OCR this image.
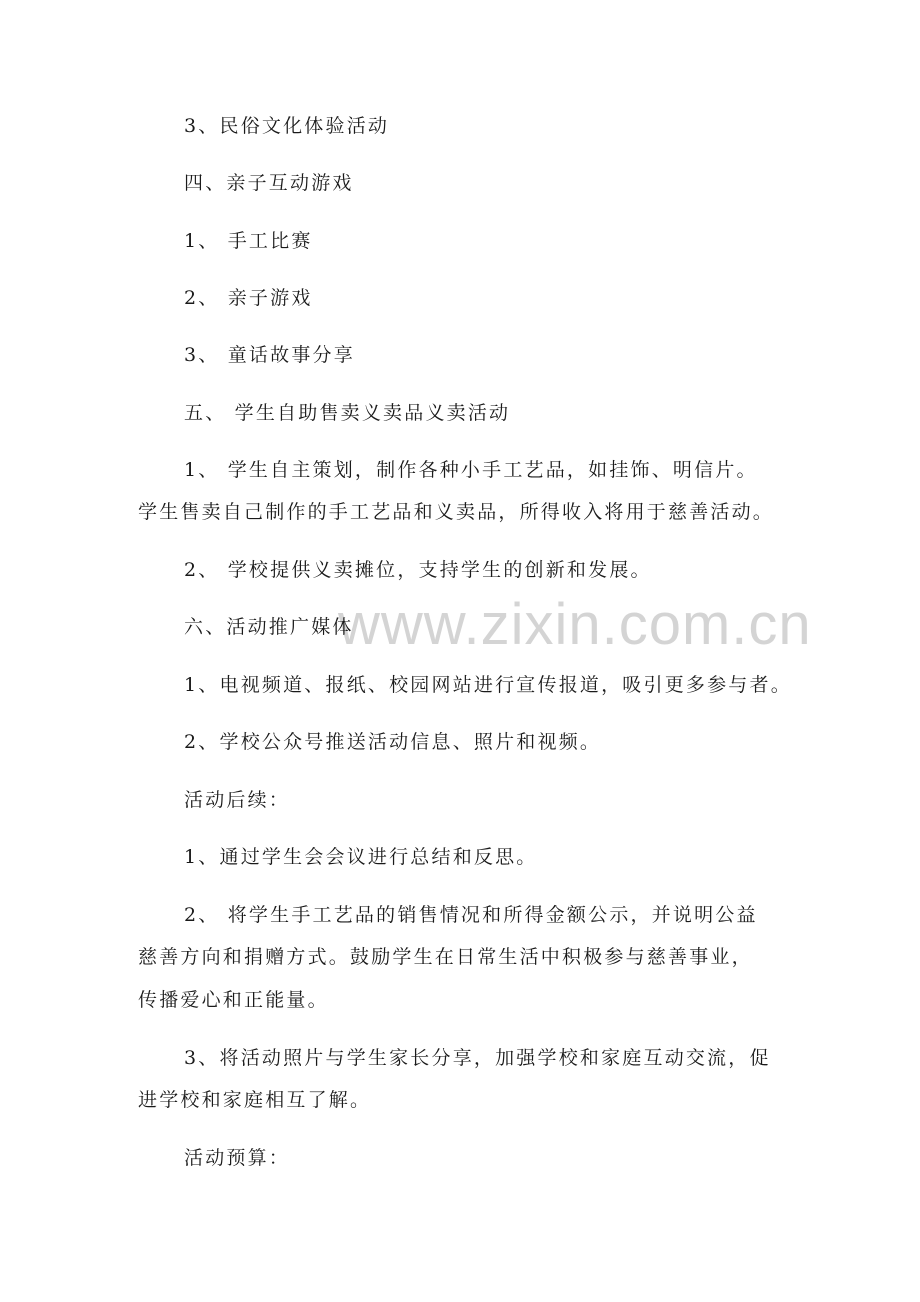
www.zixin.com.cn
3、民俗文化体验活动
四、亲子互动游戏
1、 手工比赛
2、 亲子游戏
3、 童话故事分享
五、 学生自助售卖义卖品义卖活动
1、 学生自主策划，制作各种小手工艺品，如挂饰、明信片。
学生售卖自己制作的手工艺品和义卖品，所得收入将用于慈善活动。
2、 学校提供义卖摊位，支持学生的创新和发展。
六、活动推广媒体
1、电视频道、报纸、校园网站进行宣传报道，吸引更多参与者。
2、学校公众号推送活动信息、照片和视频。
活动后续：
1、通过学生会会议进行总结和反思。
2、 将学生手工艺品的销售情况和所得金额公示，并说明公益
慈善方向和捐赠方式。鼓励学生在日常生活中积极参与慈善事业，
传播爱心和正能量。
3、将活动照片与学生家长分享，加强学校和家庭互动交流，促
进学校和家庭相互了解。
活动预算：
